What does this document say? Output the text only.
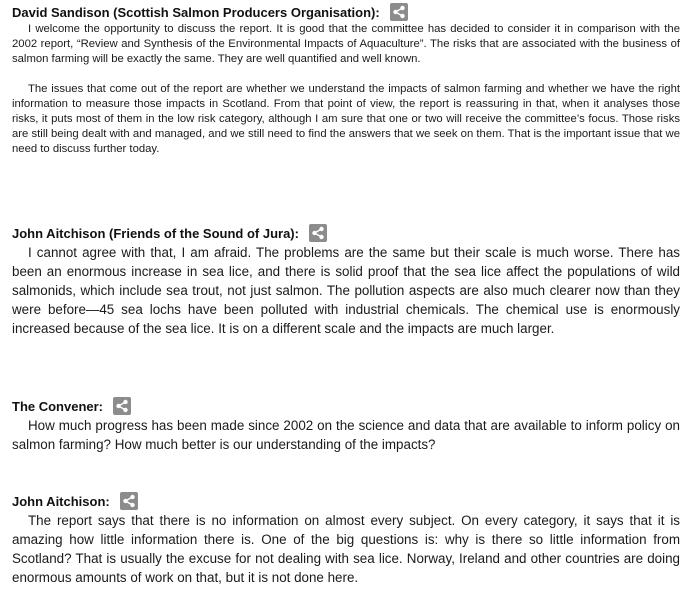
David Sandison (Scottish Salmon Producers Organisation):

I welcome the opportunity to discuss the report. It is good that the committee has decided to consider it in comparison with the 2002 report, “Review and Synthesis of the Environmental Impacts of Aquaculture”. The risks that are associated with the business of salmon farming will be exactly the same. They are well quantified and well known.

The issues that come out of the report are whether we understand the impacts of salmon farming and whether we have the right information to measure those impacts in Scotland. From that point of view, the report is reassuring in that, when it analyses those risks, it puts most of them in the low risk category, although I am sure that one or two will receive the committee’s focus. Those risks are still being dealt with and managed, and we still need to find the answers that we seek on them. That is the important issue that we need to discuss further today.

John Aitchison (Friends of the Sound of Jura):

I cannot agree with that, I am afraid. The problems are the same but their scale is much worse. There has been an enormous increase in sea lice, and there is solid proof that the sea lice affect the populations of wild salmonids, which include sea trout, not just salmon. The pollution aspects are also much clearer now than they were before—45 sea lochs have been polluted with industrial chemicals. The chemical use is enormously increased because of the sea lice. It is on a different scale and the impacts are much larger.

The Convener:

How much progress has been made since 2002 on the science and data that are available to inform policy on salmon farming? How much better is our understanding of the impacts?

John Aitchison:

The report says that there is no information on almost every subject. On every category, it says that it is amazing how little information there is. One of the big questions is: why is there so little information from Scotland? That is usually the excuse for not dealing with sea lice. Norway, Ireland and other countries are doing enormous amounts of work on that, but it is not done here.
